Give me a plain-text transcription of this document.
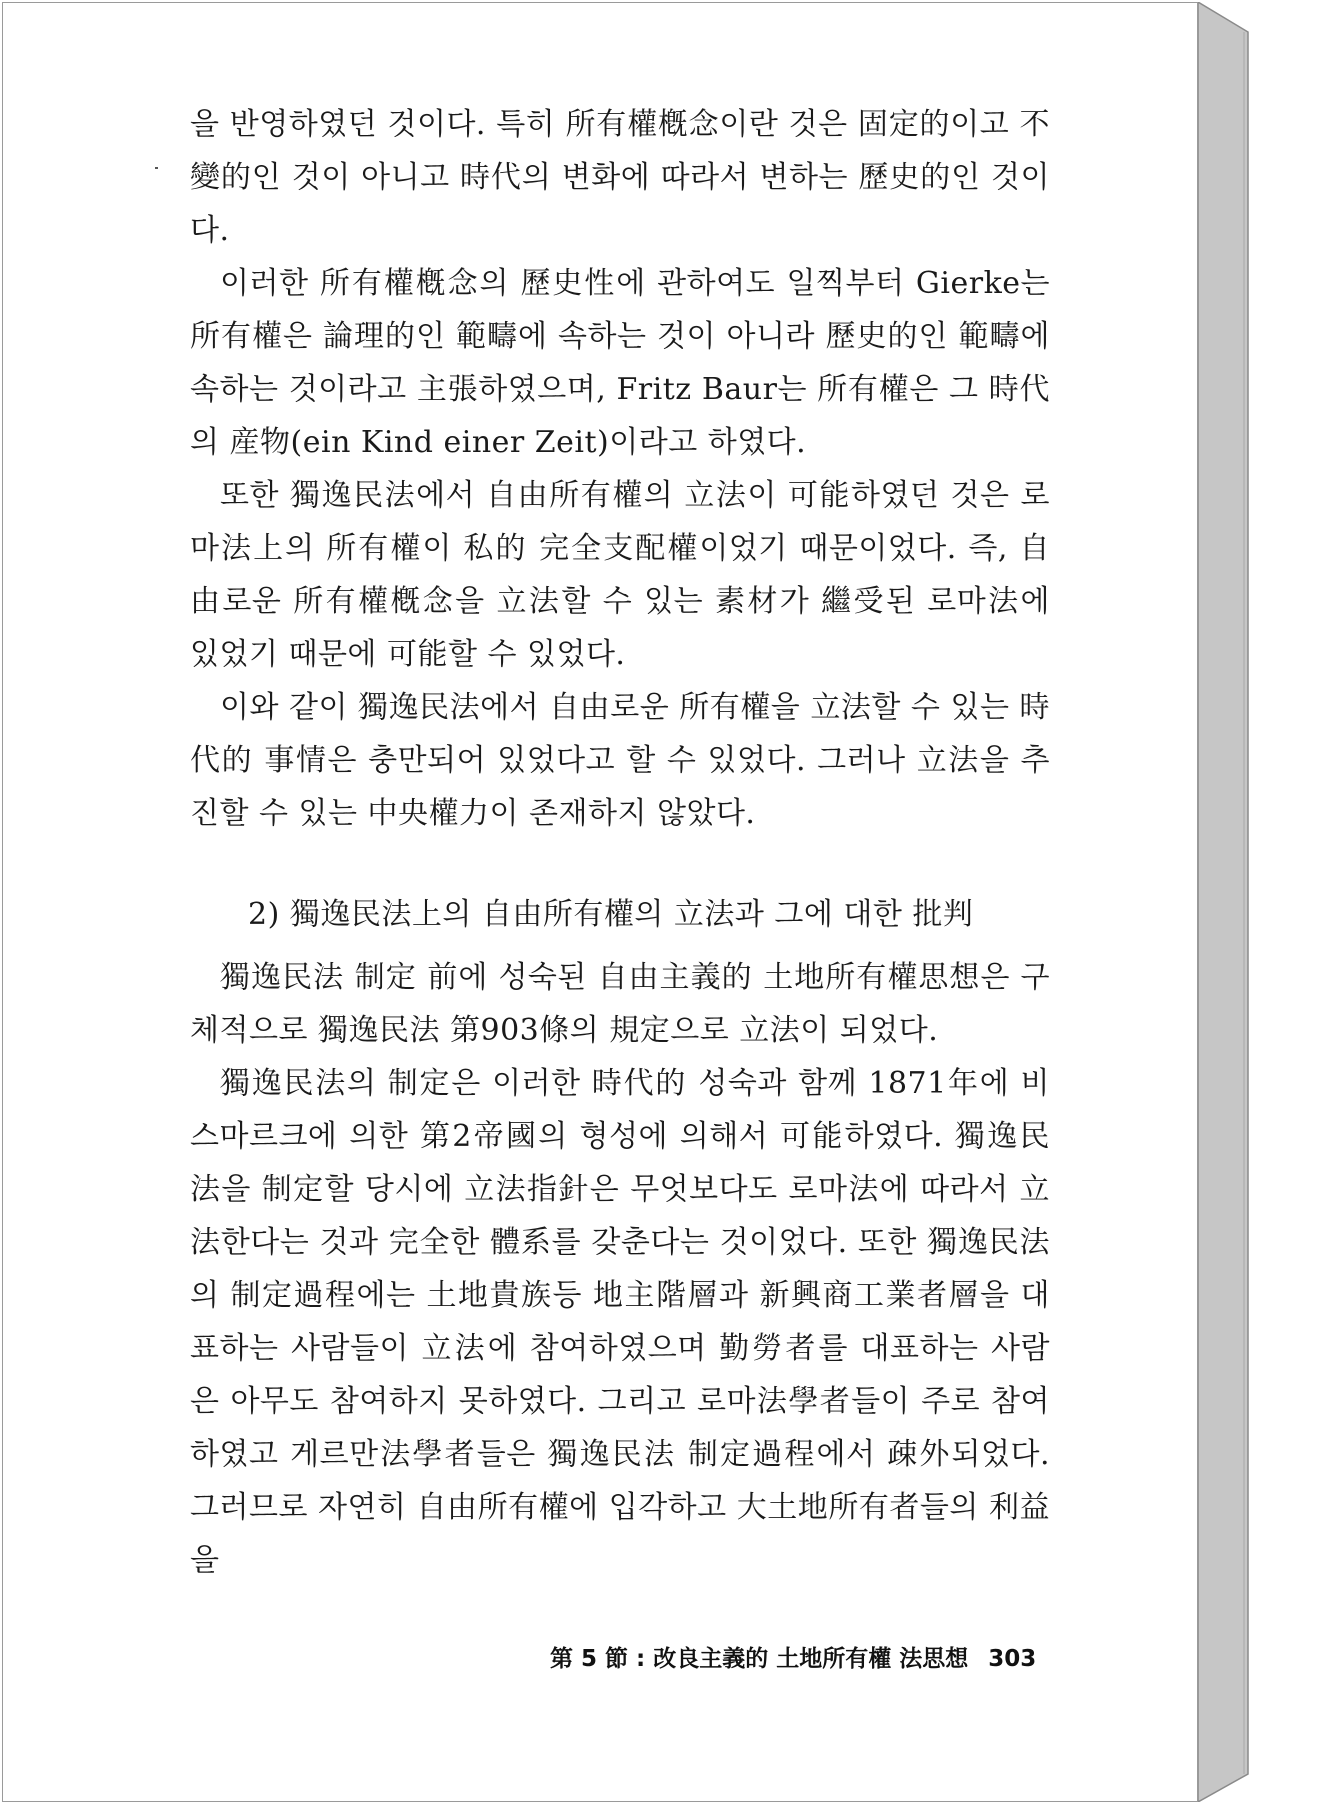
을 반영하였던 것이다. 특히 所有權槪念이란 것은 固定的이고 不變的인 것이 아니고 時代의 변화에 따라서 변하는 歷史的인 것이다.

이러한 所有權槪念의 歷史性에 관하여도 일찍부터 Gierke는 所有權은 論理的인 範疇에 속하는 것이 아니라 歷史的인 範疇에 속하는 것이라고 主張하였으며, Fritz Baur는 所有權은 그 時代의 産物(ein Kind einer Zeit)이라고 하였다.

또한 獨逸民法에서 自由所有權의 立法이 可能하였던 것은 로마法上의 所有權이 私的 完全支配權이었기 때문이었다. 즉, 自由로운 所有權槪念을 立法할 수 있는 素材가 繼受된 로마法에 있었기 때문에 可能할 수 있었다.

이와 같이 獨逸民法에서 自由로운 所有權을 立法할 수 있는 時代的 事情은 충만되어 있었다고 할 수 있었다. 그러나 立法을 추진할 수 있는 中央權力이 존재하지 않았다.

2) 獨逸民法上의 自由所有權의 立法과 그에 대한 批判

獨逸民法 制定 前에 성숙된 自由主義的 土地所有權思想은 구체적으로 獨逸民法 第903條의 規定으로 立法이 되었다.

獨逸民法의 制定은 이러한 時代的 성숙과 함께 1871年에 비스마르크에 의한 第2帝國의 형성에 의해서 可能하였다. 獨逸民法을 制定할 당시에 立法指針은 무엇보다도 로마法에 따라서 立法한다는 것과 完全한 體系를 갖춘다는 것이었다. 또한 獨逸民法의 制定過程에는 土地貴族등 地主階層과 新興商工業者層을 대표하는 사람들이 立法에 참여하였으며 勤勞者를 대표하는 사람은 아무도 참여하지 못하였다. 그리고 로마法學者들이 주로 참여하였고 게르만法學者들은 獨逸民法 制定過程에서 疎外되었다. 그러므로 자연히 自由所有權에 입각하고 大土地所有者들의 利益을

第 5 節 : 改良主義的 土地所有權 法思想 303
